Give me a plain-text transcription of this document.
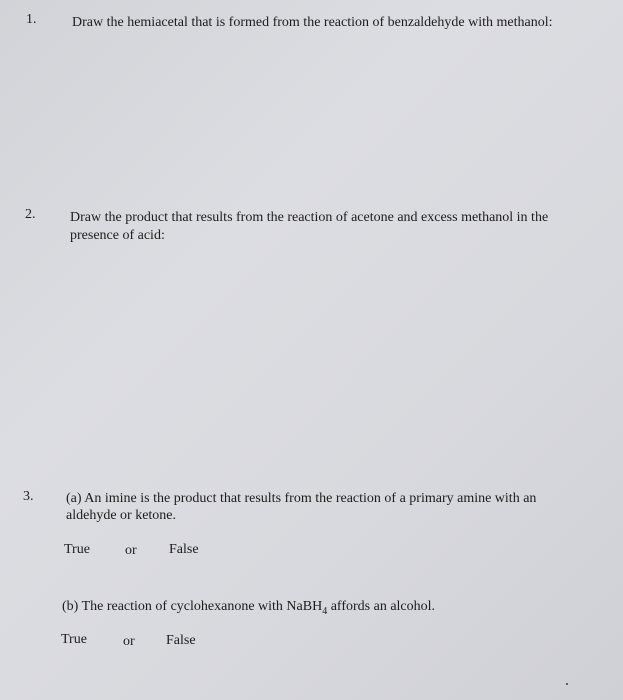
1.	Draw the hemiacetal that is formed from the reaction of benzaldehyde with methanol:
2. Draw the product that results from the reaction of acetone and excess methanol in the
presence of acid:
3. (a) An imine is the product that results from the reaction of a primary amine with an
aldehyde or ketone.
True	or False
(b) The reaction of cyclohexanone with NaBH$_4$ affords an alcohol.
True	or False
